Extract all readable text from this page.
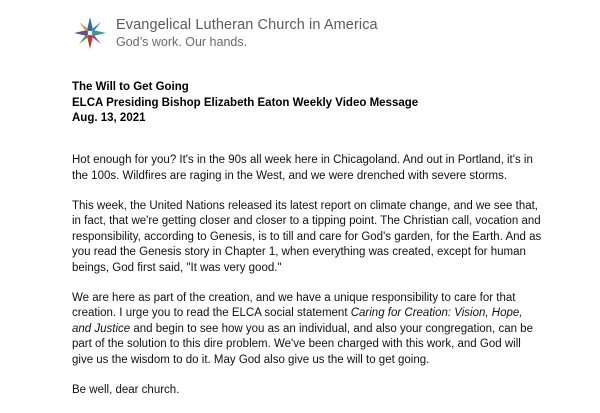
Evangelical Lutheran Church in America
God’s work. Our hands.
The Will to Get Going
ELCA Presiding Bishop Elizabeth Eaton Weekly Video Message
Aug. 13, 2021

Hot enough for you? It's in the 90s all week here in Chicagoland. And out in Portland, it's in the 100s. Wildfires are raging in the West, and we were drenched with severe storms.

This week, the United Nations released its latest report on climate change, and we see that, in fact, that we're getting closer and closer to a tipping point. The Christian call, vocation and responsibility, according to Genesis, is to till and care for God's garden, for the Earth. And as you read the Genesis story in Chapter 1, when everything was created, except for human beings, God first said, "It was very good."

We are here as part of the creation, and we have a unique responsibility to care for that creation. I urge you to read the ELCA social statement Caring for Creation: Vision, Hope, and Justice and begin to see how you as an individual, and also your congregation, can be part of the solution to this dire problem. We've been charged with this work, and God will give us the wisdom to do it. May God also give us the will to get going.

Be well, dear church.
